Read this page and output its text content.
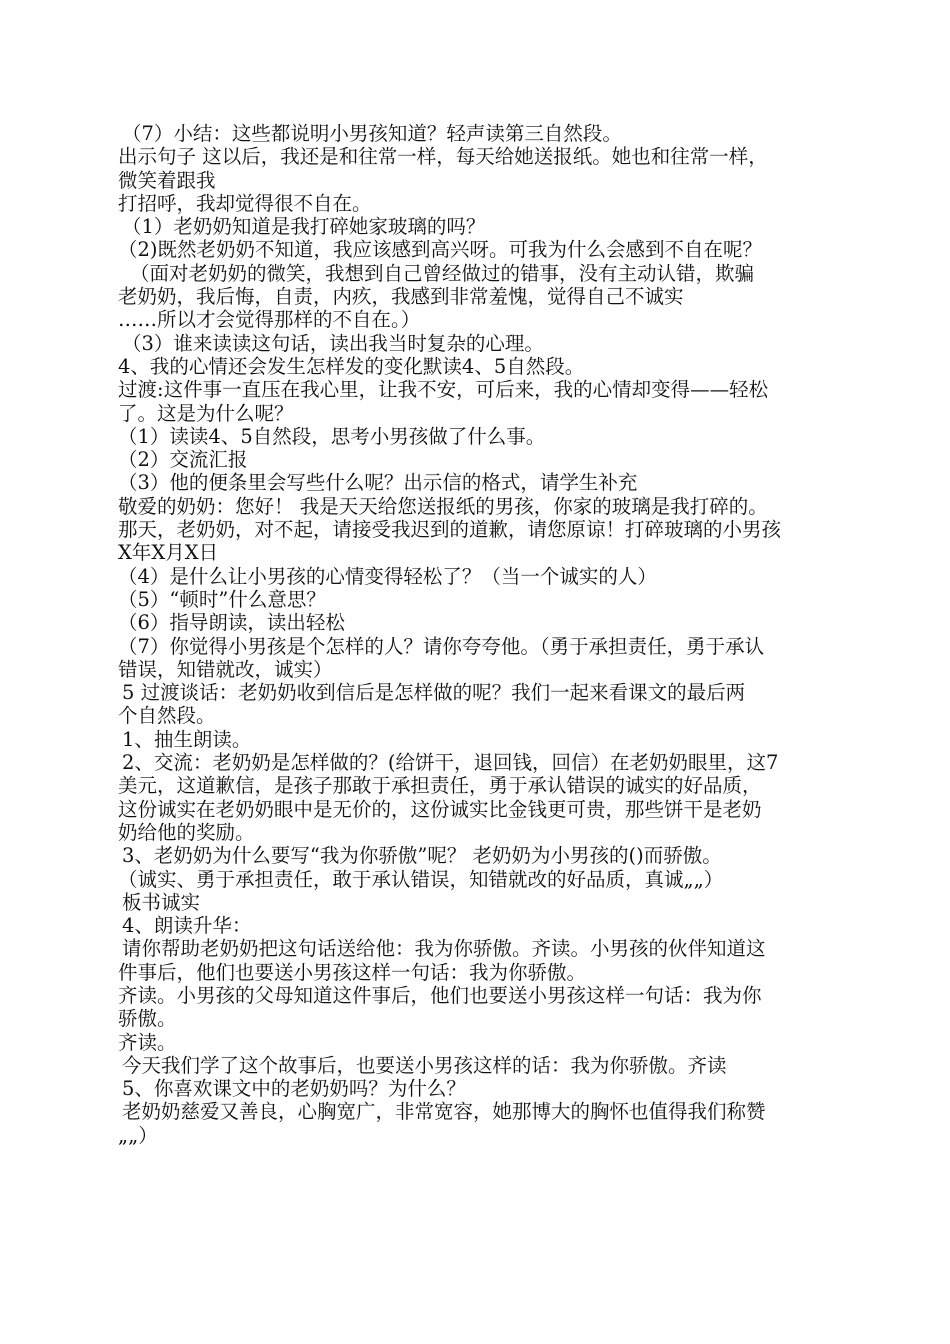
（7）小结：这些都说明小男孩知道？轻声读第三自然段。
出示句子 这以后，我还是和往常一样，每天给她送报纸。她也和往常一样，
微笑着跟我
打招呼，我却觉得很不自在。
（1）老奶奶知道是我打碎她家玻璃的吗？
（2)既然老奶奶不知道，我应该感到高兴呀。可我为什么会感到不自在呢？
（面对老奶奶的微笑，我想到自己曾经做过的错事，没有主动认错，欺骗
老奶奶，我后悔，自责，内疚，我感到非常羞愧，觉得自己不诚实
……所以才会觉得那样的不自在。）
（3）谁来读读这句话，读出我当时复杂的心理。
4、我的心情还会发生怎样发的变化默读4、5自然段。
过渡:这件事一直压在我心里，让我不安，可后来，我的心情却变得——轻松
了。这是为什么呢？
（1）读读4、5自然段，思考小男孩做了什么事。
（2）交流汇报
（3）他的便条里会写些什么呢？出示信的格式，请学生补充
敬爱的奶奶：您好！ 我是天天给您送报纸的男孩，你家的玻璃是我打碎的。
那天，老奶奶，对不起，请接受我迟到的道歉，请您原谅！打碎玻璃的小男孩
X年X月X日
（4）是什么让小男孩的心情变得轻松了？（当一个诚实的人）
（5）“顿时”什么意思？
（6）指导朗读，读出轻松
（7）你觉得小男孩是个怎样的人？请你夸夸他。（勇于承担责任，勇于承认
错误，知错就改，诚实）
5 过渡谈话：老奶奶收到信后是怎样做的呢？我们一起来看课文的最后两
个自然段。
1、抽生朗读。
2、交流：老奶奶是怎样做的？(给饼干，退回钱，回信）在老奶奶眼里，这7
美元，这道歉信，是孩子那敢于承担责任，勇于承认错误的诚实的好品质，
这份诚实在老奶奶眼中是无价的，这份诚实比金钱更可贵，那些饼干是老奶
奶给他的奖励。
3、老奶奶为什么要写“我为你骄傲”呢？ 老奶奶为小男孩的()而骄傲。
（诚实、勇于承担责任，敢于承认错误，知错就改的好品质，真诚„„）
板书诚实
4、朗读升华：
请你帮助老奶奶把这句话送给他：我为你骄傲。齐读。小男孩的伙伴知道这
件事后，他们也要送小男孩这样一句话：我为你骄傲。
齐读。小男孩的父母知道这件事后，他们也要送小男孩这样一句话：我为你
骄傲。
齐读。
今天我们学了这个故事后，也要送小男孩这样的话：我为你骄傲。齐读
5、你喜欢课文中的老奶奶吗？为什么？
老奶奶慈爱又善良，心胸宽广，非常宽容，她那博大的胸怀也值得我们称赞
„„）
